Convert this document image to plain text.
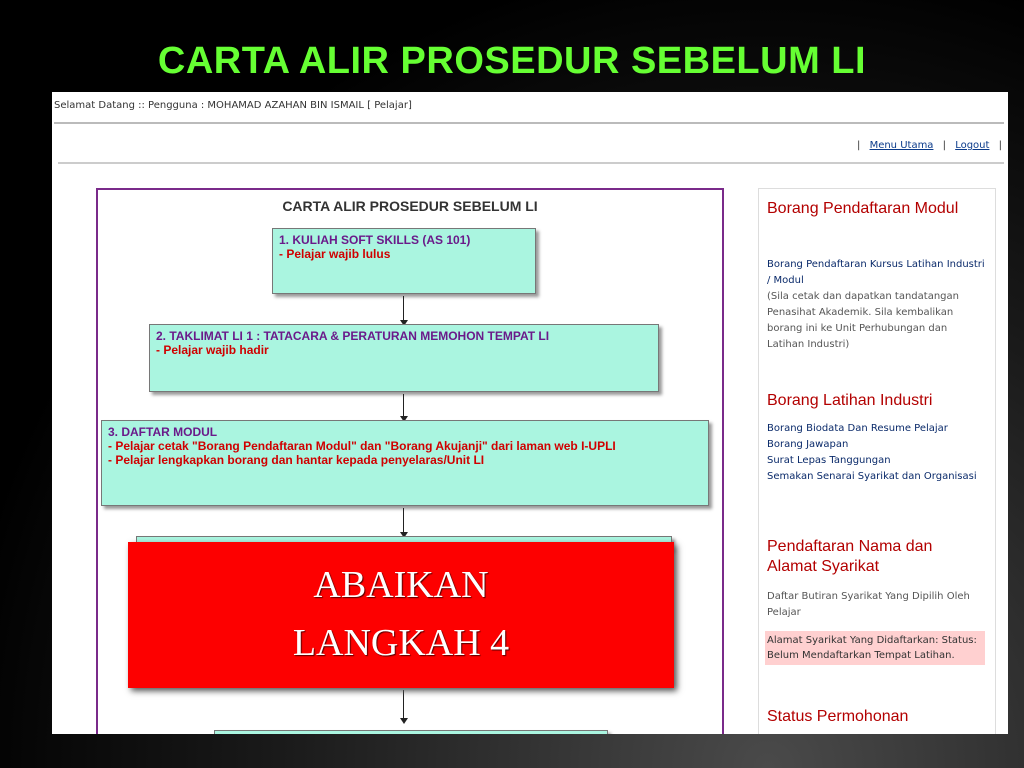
CARTA ALIR PROSEDUR SEBELUM LI
Selamat Datang :: Pengguna : MOHAMAD AZAHAN BIN ISMAIL [ Pelajar]
| Menu Utama | Logout |
CARTA ALIR PROSEDUR SEBELUM LI
1. KULIAH SOFT SKILLS (AS 101)
- Pelajar wajib lulus
2. TAKLIMAT LI 1 : TATACARA & PERATURAN MEMOHON TEMPAT LI
- Pelajar wajib hadir
3. DAFTAR MODUL
- Pelajar cetak "Borang Pendaftaran Modul" dan "Borang Akujanji" dari laman web I-UPLI
- Pelajar lengkapkan borang dan hantar kepada penyelaras/Unit LI
ABAIKAN
LANGKAH 4
Borang Pendaftaran Modul
Borang Pendaftaran Kursus Latihan Industri / Modul
(Sila cetak dan dapatkan tandatangan Penasihat Akademik. Sila kembalikan borang ini ke Unit Perhubungan dan Latihan Industri)
Borang Latihan Industri
Borang Biodata Dan Resume Pelajar
Borang Jawapan
Surat Lepas Tanggungan
Semakan Senarai Syarikat dan Organisasi
Pendaftaran Nama dan Alamat Syarikat
Daftar Butiran Syarikat Yang Dipilih Oleh Pelajar
Alamat Syarikat Yang Didaftarkan: Status: Belum Mendaftarkan Tempat Latihan.
Status Permohonan
